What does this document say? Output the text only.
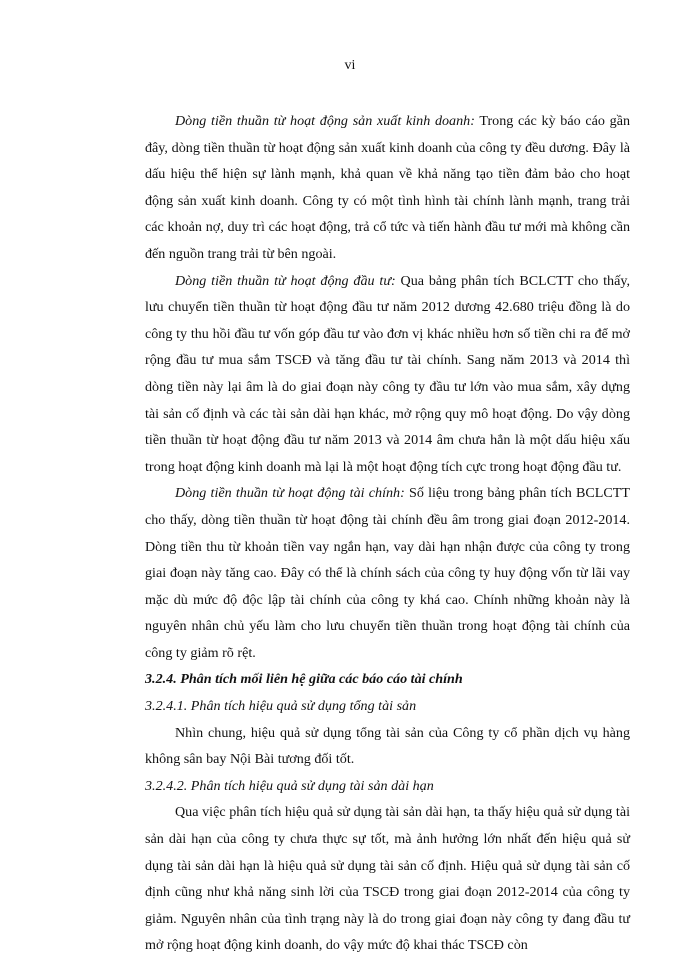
vi

Dòng tiền thuần từ hoạt động sản xuất kinh doanh: Trong các kỳ báo cáo gần đây, dòng tiền thuần từ hoạt động sản xuất kinh doanh của công ty đều dương. Đây là dấu hiệu thể hiện sự lành mạnh, khả quan về khả năng tạo tiền đảm bảo cho hoạt động sản xuất kinh doanh. Công ty có một tình hình tài chính lành mạnh, trang trải các khoản nợ, duy trì các hoạt động, trả cổ tức và tiến hành đầu tư mới mà không cần đến nguồn trang trải từ bên ngoài.

Dòng tiền thuần từ hoạt động đầu tư: Qua bảng phân tích BCLCTT cho thấy, lưu chuyển tiền thuần từ hoạt động đầu tư năm 2012 dương 42.680 triệu đồng là do công ty thu hồi đầu tư vốn góp đầu tư vào đơn vị khác nhiều hơn số tiền chi ra để mở rộng đầu tư mua sắm TSCĐ và tăng đầu tư tài chính. Sang năm 2013 và 2014 thì dòng tiền này lại âm là do giai đoạn này công ty đầu tư lớn vào mua sắm, xây dựng tài sản cố định và các tài sản dài hạn khác, mở rộng quy mô hoạt động. Do vậy dòng tiền thuần từ hoạt động đầu tư năm 2013 và 2014 âm chưa hẳn là một dấu hiệu xấu trong hoạt động kinh doanh mà lại là một hoạt động tích cực trong hoạt động đầu tư.

Dòng tiền thuần từ hoạt động tài chính: Số liệu trong bảng phân tích BCLCTT cho thấy, dòng tiền thuần từ hoạt động tài chính đều âm trong giai đoạn 2012-2014. Dòng tiền thu từ khoản tiền vay ngắn hạn, vay dài hạn nhận được của công ty trong giai đoạn này tăng cao. Đây có thể là chính sách của công ty huy động vốn từ lãi vay mặc dù mức độ độc lập tài chính của công ty khá cao. Chính những khoản này là nguyên nhân chủ yếu làm cho lưu chuyển tiền thuần trong hoạt động tài chính của công ty giảm rõ rệt.

3.2.4. Phân tích mối liên hệ giữa các báo cáo tài chính
3.2.4.1. Phân tích hiệu quả sử dụng tổng tài sản

Nhìn chung, hiệu quả sử dụng tổng tài sản của Công ty cổ phần dịch vụ hàng không sân bay Nội Bài tương đối tốt.

3.2.4.2. Phân tích hiệu quả sử dụng tài sản dài hạn

Qua việc phân tích hiệu quả sử dụng tài sản dài hạn, ta thấy hiệu quả sử dụng tài sản dài hạn của công ty chưa thực sự tốt, mà ảnh hưởng lớn nhất đến hiệu quả sử dụng tài sản dài hạn là hiệu quả sử dụng tài sản cố định. Hiệu quả sử dụng tài sản cố định cũng như khả năng sinh lời của TSCĐ trong giai đoạn 2012-2014 của công ty giảm. Nguyên nhân của tình trạng này là do trong giai đoạn này công ty đang đầu tư mở rộng hoạt động kinh doanh, do vậy mức độ khai thác TSCĐ còn
